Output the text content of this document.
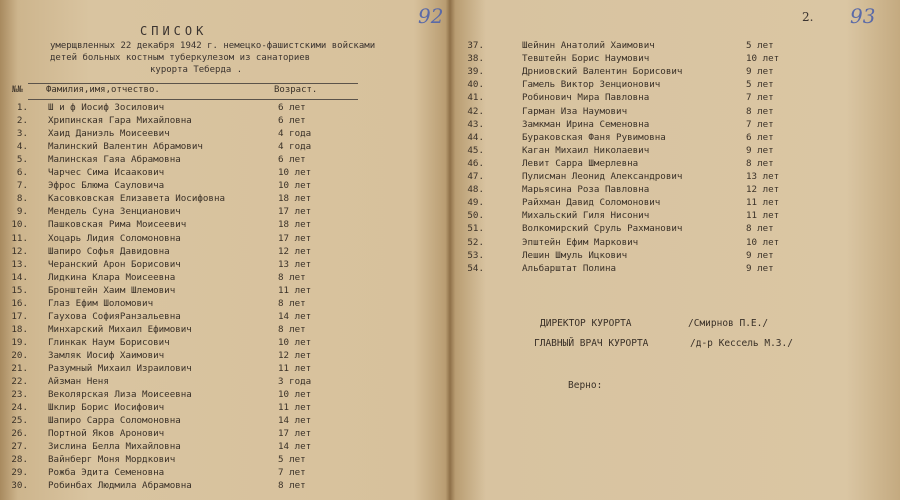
92
СПИСОК

умерщвленных 22 декабря 1942 г. немецко-фашистскими войсками

детей больных костным туберкулезом из санаториев

курорта Теберда .

№№	Фамилия,имя,отчество.	Возраст.
1. Ш и ф Иосиф Зосилович	6 лет
2. Хрипинская Гара Михайловна	6 лет
3. Хаид Даниэль Моисеевич	4 года
4. Малинский Валентин Абрамович	4 года
5. Малинская Гаяа Абрамовна	6 лет
6. Чарчес Сима Исаакович	10 лет
7. Эфрос Блюма Сауловича	10 лет
8. Касовковская Елизавета Иосифовна	18 лет
9. Мендель Суна Зенцианович	17 лет
10. Пашковская Рима Моисеевич	18 лет
11. Хоцарь Лидия Соломоновна	17 лет
12. Шапиро Софья Давидовна	12 лет
13. Черанский Арон Борисович	13 лет
14. Лидкина Клара Моисеевна	8 лет
15. Бронштейн Хаим Шлемович	11 лет
16. Глаз Ефим Шоломович	8 лет
17. Гаухова СофияРанзальевна	14 лет
18. Минхарский Михаил Ефимович	8 лет
19. Глинкак Наум Борисович	10 лет
20. Замляк Иосиф Хаимович	12 лет
21. Разумный Михаил Израилович	11 лет
22. Айзман Неня	3 года
23. Веколярская Лиза Моисеевна	10 лет
24. Шклир Борис Иосифович	11 лет
25. Шапиро Сарра Соломоновна	14 лет
26. Портной Яков Аронович	17 лет
27. Зислина Белла Михайловна	14 лет
28. Вайнберг Моня Мордкович	5 лет
29. Рожба Эдита Семеновна	7 лет
30. Робинбах Людмила Абрамовна	8 лет
2. 93
37.	Шейнин Анатолий Хаимович	5 лет
38.	Тевштейн Борис Наумович	10 лет
39.	Дрниовский Валентин Борисович	9 лет
40.	Гамель Виктор Зенционович	5 лет
41.	Робинович Мира Павловна	7 лет
42.	Гарман Иза Наумович	8 лет
43.	Замкман Ирина Семеновна	7 лет
44.	Бураковская Фаня Рувимовна	6 лет
45.	Каган Михаил Николаевич	9 лет
46.	Левит Сарра Шмерлевна	8 лет
47.	Пулисман Леонид Александрович	13 лет
48.	Марьясина Роза Павловна	12 лет
49.	Райхман Давид Соломонович	11 лет
50.	Михальский Гиля Нисонич	11 лет
51.	Волкомирский Сруль Рахманович	8 лет
52.	Эпштейн Ефим Маркович	10 лет
53.	Лешин Шмуль Ицкович	9 лет
54.	Альбарштат Полина	9 лет
ДИРЕКТОР КУРОРТА	/Смирнов П.Е./
ГЛАВНЫЙ ВРАЧ КУРОРТА	/д-р Кессель М.З./
Верно:
